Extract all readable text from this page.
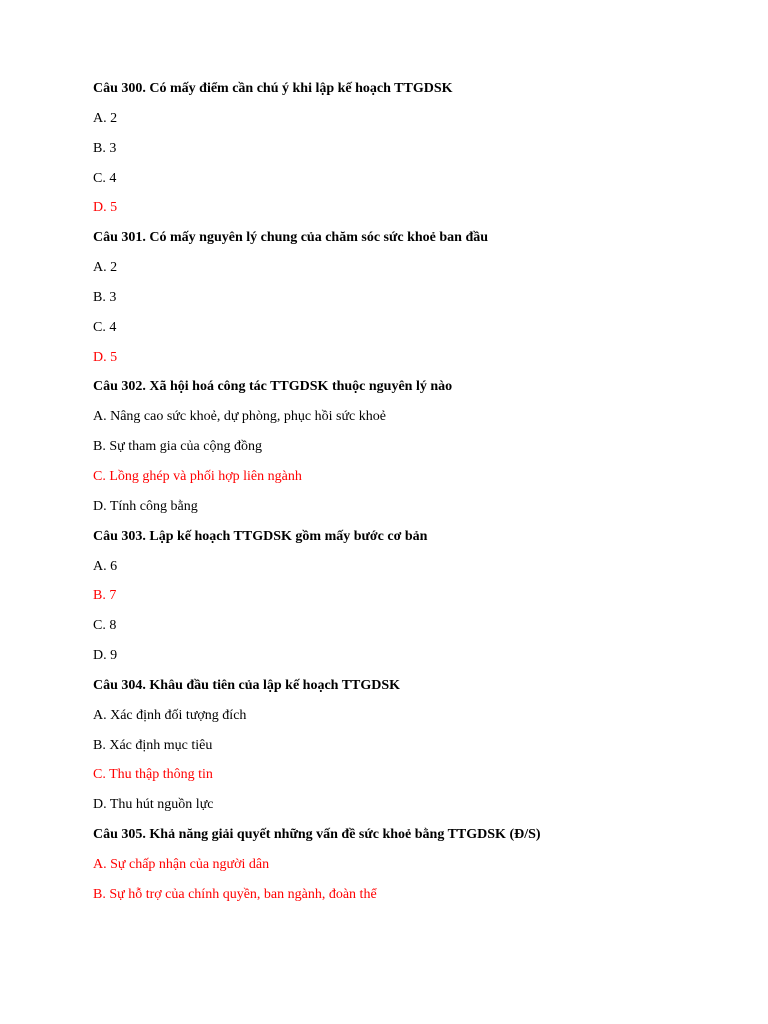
Câu 300. Có mấy điểm cần chú ý khi lập kế hoạch TTGDSK
A. 2
B. 3
C. 4
D. 5
Câu 301. Có mấy nguyên lý chung của chăm sóc sức khoẻ ban đầu
A. 2
B. 3
C. 4
D. 5
Câu 302. Xã hội hoá công tác TTGDSK thuộc nguyên lý nào
A. Nâng cao sức khoẻ, dự phòng, phục hồi sức khoẻ
B. Sự tham gia của cộng đồng
C. Lồng ghép và phối hợp liên ngành
D. Tính công bằng
Câu 303. Lập kế hoạch TTGDSK gồm mấy bước cơ bản
A. 6
B. 7
C. 8
D. 9
Câu 304. Khâu đầu tiên của lập kế hoạch TTGDSK
A. Xác định đối tượng đích
B. Xác định mục tiêu
C. Thu thập thông tin
D. Thu hút nguồn lực
Câu 305. Khả năng giải quyết những vấn đề sức khoẻ bằng TTGDSK (Đ/S)
A. Sự chấp nhận của người dân
B. Sự hỗ trợ của chính quyền, ban ngành, đoàn thể
